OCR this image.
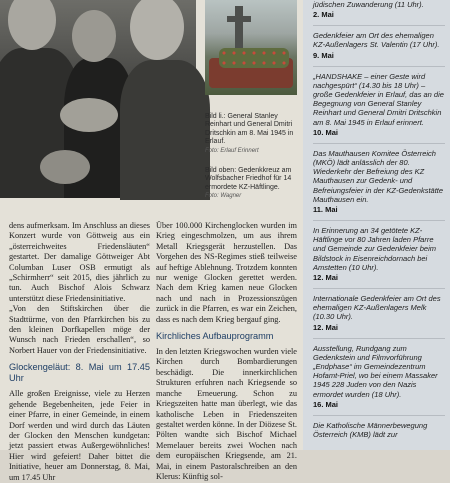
Bild li.: General Stanley Reinhart und General Dmitri Dritschkin am 8. Mai 1945 in Erlauf.
Foto: Erlauf Erinnert
Bild oben: Gedenkkreuz am Wolfsbacher Friedhof für 14 ermordete KZ-Häftlinge.
Foto: Wagner

dens aufmerksam. Im Anschluss an dieses Konzert wurde von Göttweig aus ein „österreichweites Friedensläuten“ gestartet. Der damalige Göttweiger Abt Columban Luser OSB ermutigt als „Schirmherr“ seit 2015, dies jährlich zu tun. Auch Bischof Alois Schwarz unterstützt diese Friedensinitiative.

„Von den Stiftskirchen über die Stadttürme, von den Pfarrkirchen bis zu den kleinen Dorfkapellen möge der Wunsch nach Frieden erschallen“, so Norbert Hauer von der Friedensinitiative.

Glockengeläut: 8. Mai um 17.45 Uhr

Alle großen Ereignisse, viele zu Herzen gehende Begebenheiten, jede Feier in einer Pfarre, in einer Gemeinde, in einem Dorf werden und wird durch das Läuten der Glocken den Menschen kundgetan: jetzt passiert etwas Außergewöhnliches! Hier wird gefeiert! Daher bittet die Initiative, heuer am Donnerstag, 8. Mai, um 17.45 Uhr

Über 100.000 Kirchenglocken wurden im Krieg eingeschmolzen, um aus ihrem Metall Kriegsgerät herzustellen. Das Vorgehen des NS-Regimes stieß teilweise auf heftige Ablehnung. Trotzdem konnten nur wenige Glocken gerettet werden. Nach dem Krieg kamen neue Glocken nach und nach in Prozessionszügen zurück in die Pfarren, es war ein Zeichen, dass es nach dem Krieg bergauf ging.

Kirchliches Aufbauprogramm

In den letzten Kriegswochen wurden viele Kirchen durch Bombardierungen beschädigt. Die innerkirchlichen Strukturen erfuhren nach Kriegsende so manche Erneuerung. Schon zu Kriegszeiten hatte man überlegt, wie das katholische Leben in Friedenszeiten gestaltet werden könne. In der Diözese St. Pölten wandte sich Bischof Michael Memelauer bereits zwei Wochen nach dem europäischen Kriegsende, am 21. Mai, in einem Pastoralschreiben an den Klerus: Künftig sol-

jüdischen Zuwanderung (11 Uhr).
2. Mai
Gedenkfeier am Ort des ehemaligen KZ-Außenlagers St. Valentin (17 Uhr).
9. Mai
„HANDSHAKE – einer Geste wird nachgespürt“ (14.30 bis 18 Uhr) – große Gedenkfeier in Erlauf, das an die Begegnung von General Stanley Reinhart und General Dmitri Dritschkin am 8. Mai 1945 in Erlauf erinnert.
10. Mai
Das Mauthausen Komitee Österreich (MKÖ) lädt anlässlich der 80. Wiederkehr der Befreiung des KZ Mauthausen zur Gedenk- und Befreiungsfeier in der KZ-Gedenkstätte Mauthausen ein.
11. Mai
In Erinnerung an 34 getötete KZ-Häftlinge vor 80 Jahren laden Pfarre und Gemeinde zur Gedenkfeier beim Bildstock in Eisenreichdornach bei Amstetten (10 Uhr).
12. Mai
Internationale Gedenkfeier am Ort des ehemaligen KZ-Außenlagers Melk (10.30 Uhr).
12. Mai
Ausstellung, Rundgang zum Gedenkstein und Filmvorführung „Endphase“ im Gemeindezentrum Hofamt-Priel, wo bei einem Massaker 1945 228 Juden von den Nazis ermordet wurden (18 Uhr).
16. Mai
Die Katholische Männerbewegung Österreich (KMB) lädt zur
